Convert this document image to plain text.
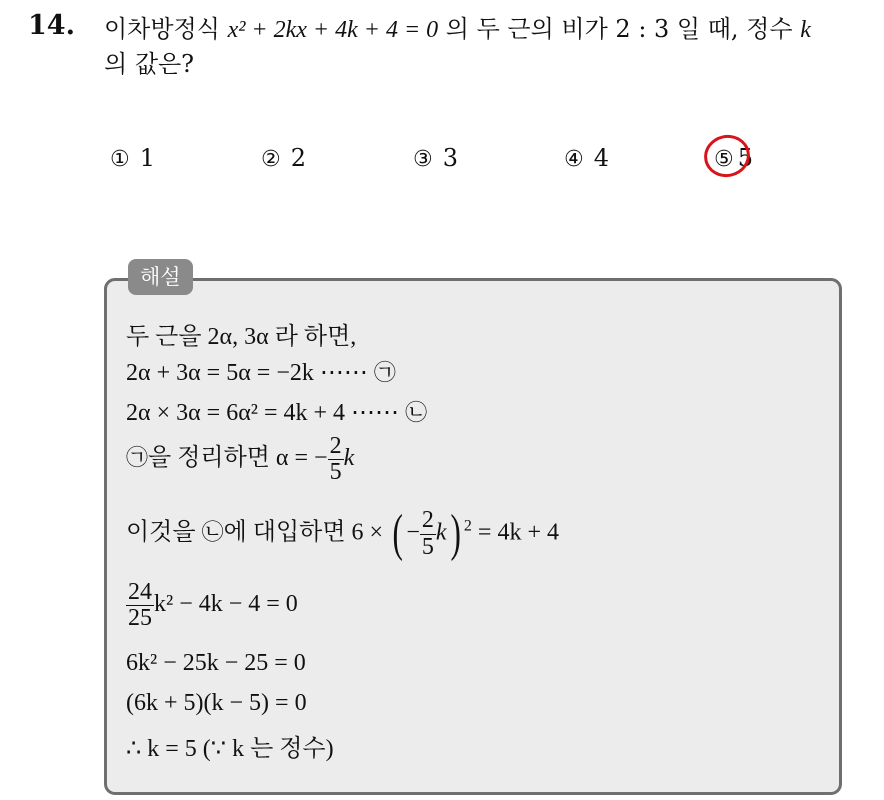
14. 이차방정식 x² + 2kx + 4k + 4 = 0 의 두 근의 비가 2 : 3 일 때, 정수 k
의 값은?

① 1	② 2	③ 3	④ 4	⑤ 5
해설
두 근을 2α, 3α 라 하면,
2α + 3α = 5α = −2k ⋯⋯ ㉠
2α × 3α = 6α² = 4k + 4 ⋯⋯ ㉡
㉠을 정리하면 α = − $\frac{2}{5}$ k
이것을 ㉡에 대입하면 6 × ( − $\frac{2}{5} k$) $^2$ = 4k + 4
$\frac{24}{25} k^2 - 4k - 4 = 0$
6k² − 25k − 25 = 0
(6k + 5)(k − 5) = 0
∴ k = 5 (∵ k 는 정수)
